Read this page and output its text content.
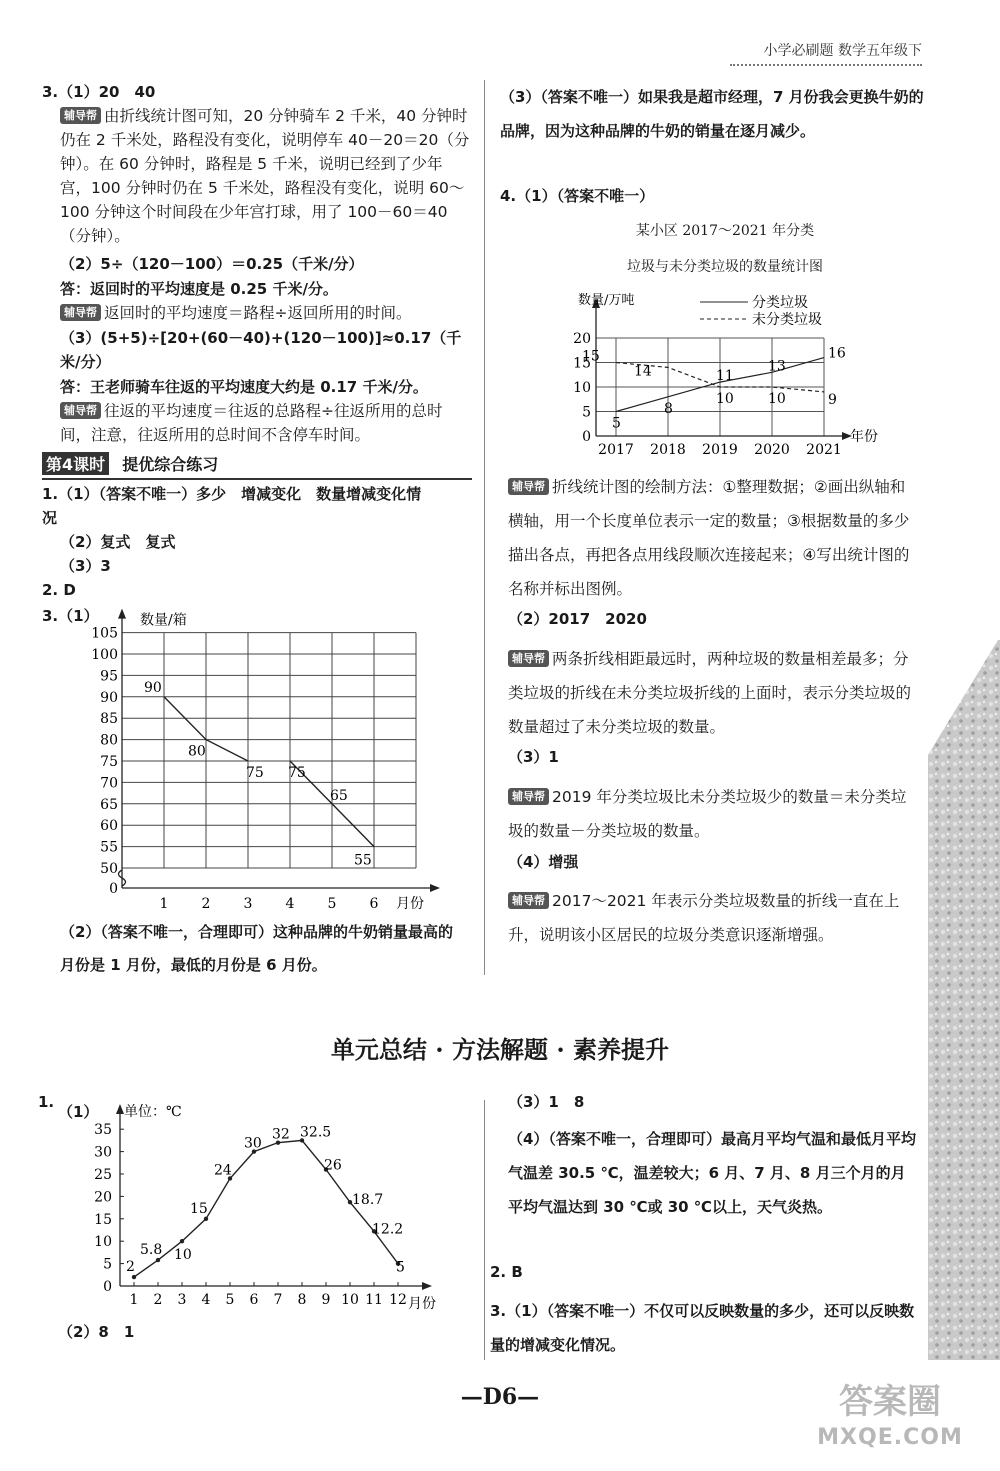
小学必刷题 数学五年级下
3.（1）20　40
辅导帮 由折线统计图可知，20 分钟骑车 2 千米，40 分钟时仍在 2 千米处，路程没有变化，说明停车 40－20＝20（分钟）。在 60 分钟时，路程是 5 千米，说明已经到了少年宫，100 分钟时仍在 5 千米处，路程没有变化，说明 60～100 分钟这个时间段在少年宫打球，用了 100－60＝40（分钟）。
（2）5÷（120－100）＝0.25（千米/分）
答：返回时的平均速度是 0.25 千米/分。
辅导帮 返回时的平均速度＝路程÷返回所用的时间。
（3）(5+5)÷[20+(60－40)+(120－100)]≈0.17（千米/分）
答：王老师骑车往返的平均速度大约是 0.17 千米/分。
辅导帮 往返的平均速度＝往返的总路程÷往返所用的总时间，注意，往返所用的总时间不含停车时间。
第4课时 提优综合练习
1.（1）（答案不唯一）多少　增减变化　数量增减变化情况
（2）复式　复式
（3）3
2. D
3.（1）
0
50
55
60
65
70
75
80
85
90
95
100
105
数量/箱
1 2 3 4 5 6 月份
90
80
75 75
65
55
（2）（答案不唯一，合理即可）这种品牌的牛奶销量最高的月份是 1 月份，最低的月份是 6 月份。
（3）（答案不唯一）如果我是超市经理，7 月份我会更换牛奶的品牌，因为这种品牌的牛奶的销量在逐月减少。
4.（1）（答案不唯一）
某小区 2017～2021 年分类
垃圾与未分类垃圾的数量统计图
分类垃圾
未分类垃圾
0
5
10
15
20
数量/万吨
2017 2018 2019 2020 2021
年份
5
8
11
13
16
15
14
10 10	9
辅导帮 折线统计图的绘制方法：①整理数据；②画出纵轴和横轴，用一个长度单位表示一定的数量；③根据数量的多少描出各点，再把各点用线段顺次连接起来；④写出统计图的名称并标出图例。
（2）2017　2020
辅导帮 两条折线相距最远时，两种垃圾的数量相差最多；分类垃圾的折线在未分类垃圾折线的上面时，表示分类垃圾的数量超过了未分类垃圾的数量。
（3）1
辅导帮 2019 年分类垃圾比未分类垃圾少的数量＝未分类垃圾的数量－分类垃圾的数量。
（4）增强
辅导帮 2017～2021 年表示分类垃圾数量的折线一直在上升，说明该小区居民的垃圾分类意识逐渐增强。
单元总结 · 方法解题 · 素养提升
1.
（1）
0
5
10
15
20
25
30
35
单位：℃
1 2 3 4 5 6 7 8 9 10 11 12 月份
2
5.8 10
15
24
30
32 32.5
26
18.7
12.2
5
（2）8　1
（3）1　8
（4）（答案不唯一，合理即可）最高月平均气温和最低月平均气温差 30.5 ℃，温差较大；6 月、7 月、8 月三个月的月平均气温达到 30 ℃或 30 ℃以上，天气炎热。
2. B
3.（1）（答案不唯一）不仅可以反映数量的多少，还可以反映数量的增减变化情况。
—D6—	答案圈
MXQE.COM
